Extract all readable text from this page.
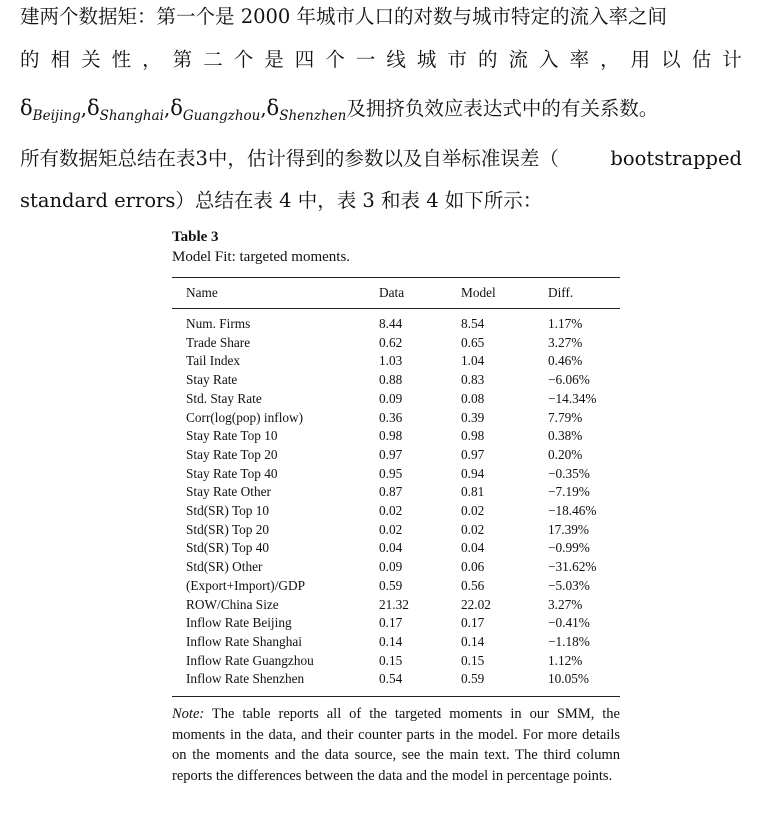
建两个数据矩：第一个是 2000 年城市人口的对数与城市特定的流入率之间
的 相 关 性 ， 第 二 个 是 四 个 一 线 城 市 的 流 入 率 ， 用 以 估 计
$\delta_{Beijing},\delta_{Shanghai},\delta_{Guangzhou},\delta_{Shenzhen}$及拥挤负效应表达式中的有关系数。
所有数据矩总结在表3中，估计得到的参数以及自举标准误差（	bootstrapped
standard errors）总结在表 4 中，表 3 和表 4 如下所示：
Table 3
Model Fit: targeted moments.
Name	Data	Model	Diff.
Num. Firms	8.44	8.54	1.17%
Trade Share	0.62	0.65	3.27%
Tail Index	1.03	1.04	0.46%
Stay Rate	0.88	0.83	−6.06%
Std. Stay Rate	0.09	0.08	−14.34%
Corr(log(pop) inflow)	0.36	0.39	7.79%
Stay Rate Top 10	0.98	0.98	0.38%
Stay Rate Top 20	0.97	0.97	0.20%
Stay Rate Top 40	0.95	0.94	−0.35%
Stay Rate Other	0.87	0.81	−7.19%
Std(SR) Top 10	0.02	0.02	−18.46%
Std(SR) Top 20	0.02	0.02	17.39%
Std(SR) Top 40	0.04	0.04	−0.99%
Std(SR) Other	0.09	0.06	−31.62%
(Export+Import)/GDP	0.59	0.56	−5.03%
ROW/China Size	21.32	22.02	3.27%
Inflow Rate Beijing	0.17	0.17	−0.41%
Inflow Rate Shanghai	0.14	0.14	−1.18%
Inflow Rate Guangzhou	0.15	0.15	1.12%
Inflow Rate Shenzhen	0.54	0.59	10.05%
Note: The table reports all of the targeted moments in our SMM, the moments in the data, and their counter parts in the model. For more details on the moments and the data source, see the main text. The third column reports the differences between the data and the model in percentage points.
